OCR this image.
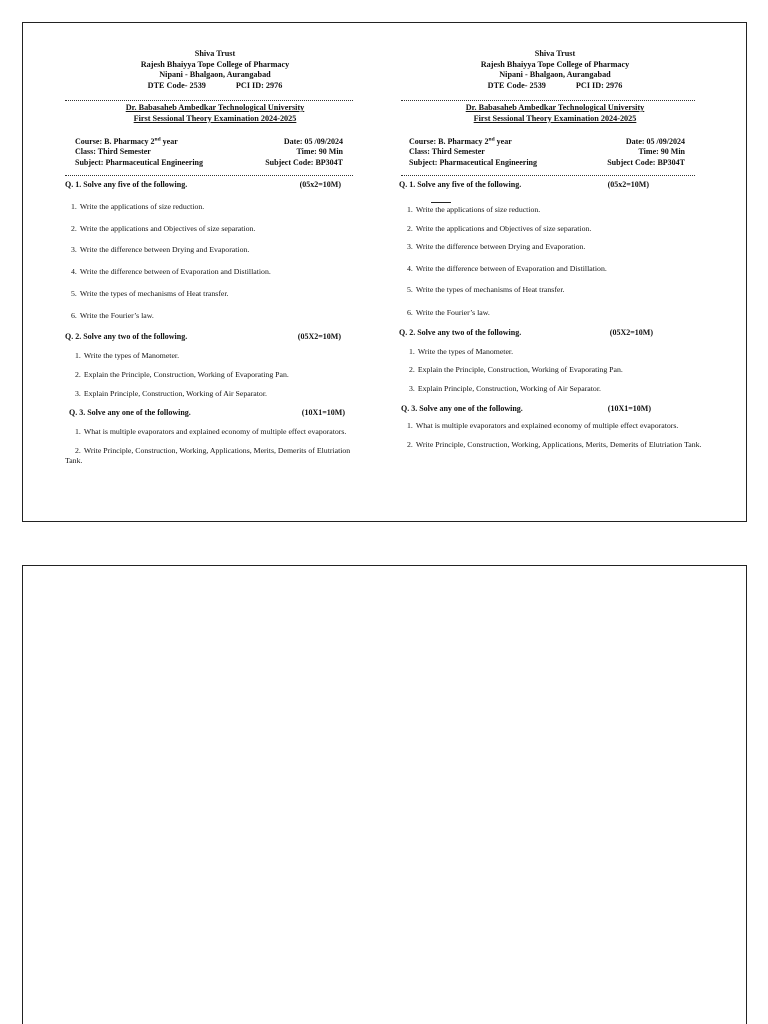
Shiva Trust
Rajesh Bhaiyya Tope College of Pharmacy
Nipani - Bhalgaon, Aurangabad
DTE Code- 2539	PCI ID: 2976
Dr. Babasaheb Ambedkar Technological University
First Sessional Theory Examination 2024-2025
Course: B. Pharmacy 2nd year	Date: 05 /09/2024
Class: Third Semester	Time: 90 Min
Subject: Pharmaceutical Engineering	Subject Code: BP304T
Q. 1. Solve any five of the following.	(05x2=10M)
1. Write the applications of size reduction.
2. Write the applications and Objectives of size separation.
3. Write the difference between Drying and Evaporation.
4. Write the difference between of Evaporation and Distillation.
5. Write the types of mechanisms of Heat transfer.
6. Write the Fourier’s law.
Q. 2. Solve any two of the following.	(05X2=10M)
1. Write the types of Manometer.
2. Explain the Principle, Construction, Working of Evaporating Pan.
3. Explain Principle, Construction, Working of Air Separator.
Q. 3. Solve any one of the following.	(10X1=10M)
1. What is multiple evaporators and explained economy of multiple effect evaporators.
2. Write Principle, Construction, Working, Applications, Merits, Demerits of Elutriation Tank.
Shiva Trust
Rajesh Bhaiyya Tope College of Pharmacy
Nipani - Bhalgaon, Aurangabad
DTE Code- 2539	PCI ID: 2976
Dr. Babasaheb Ambedkar Technological University
First Sessional Theory Examination 2024-2025
Course: B. Pharmacy 2nd year	Date: 05 /09/2024
Class: Third Semester	Time: 90 Min
Subject: Pharmaceutical Engineering	Subject Code: BP304T
Q. 1. Solve any five of the following.	(05x2=10M)
1. Write the applications of size reduction.
2. Write the applications and Objectives of size separation.
3. Write the difference between Drying and Evaporation.
4. Write the difference between of Evaporation and Distillation.
5. Write the types of mechanisms of Heat transfer.
6. Write the Fourier’s law.
Q. 2. Solve any two of the following.	(05X2=10M)
1. Write the types of Manometer.
2. Explain the Principle, Construction, Working of Evaporating Pan.
3. Explain Principle, Construction, Working of Air Separator.
Q. 3. Solve any one of the following.	(10X1=10M)
1. What is multiple evaporators and explained economy of multiple effect evaporators.
2. Write Principle, Construction, Working, Applications, Merits, Demerits of Elutriation Tank.
